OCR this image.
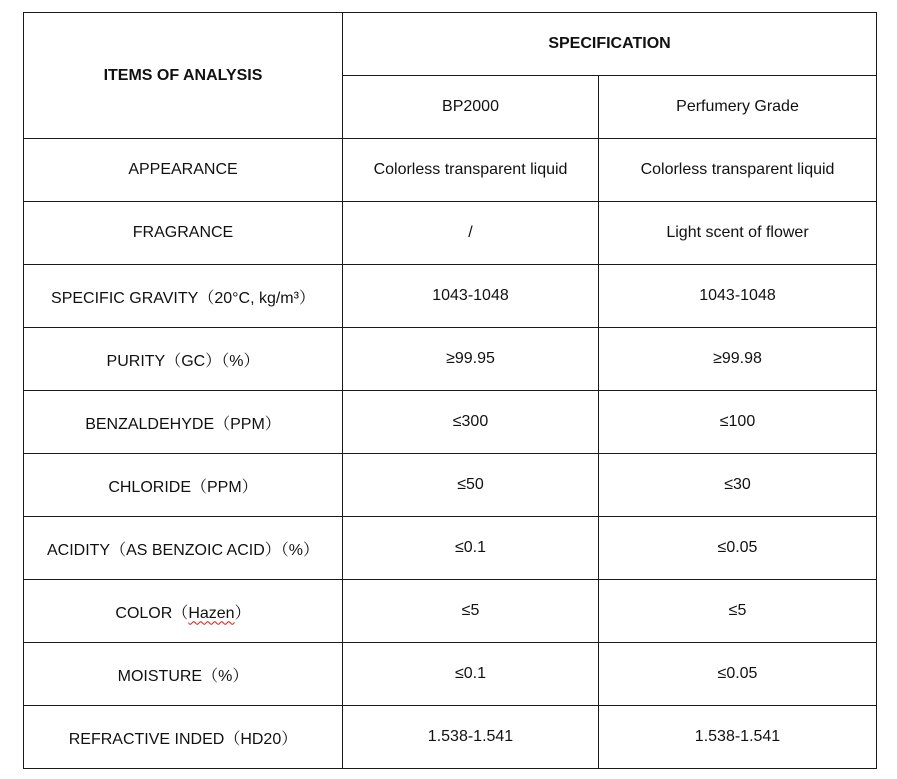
ITEMS OF ANALYSIS	SPECIFICATION	
	BP2000	Perfumery Grade
APPEARANCE	Colorless transparent liquid	Colorless transparent liquid
FRAGRANCE	/	Light scent of flower
SPECIFIC GRAVITY（20°C, kg/m³）	1043-1048	1043-1048
PURITY（GC）（%）	≥99.95	≥99.98
BENZALDEHYDE（PPM）	≤300	≤100
CHLORIDE（PPM）	≤50	≤30
ACIDITY（AS BENZOIC ACID）（%）	≤0.1	≤0.05
COLOR（Hazen）	≤5	≤5
MOISTURE（%）	≤0.1	≤0.05
REFRACTIVE INDED（HD20）	1.538-1.541	1.538-1.541
